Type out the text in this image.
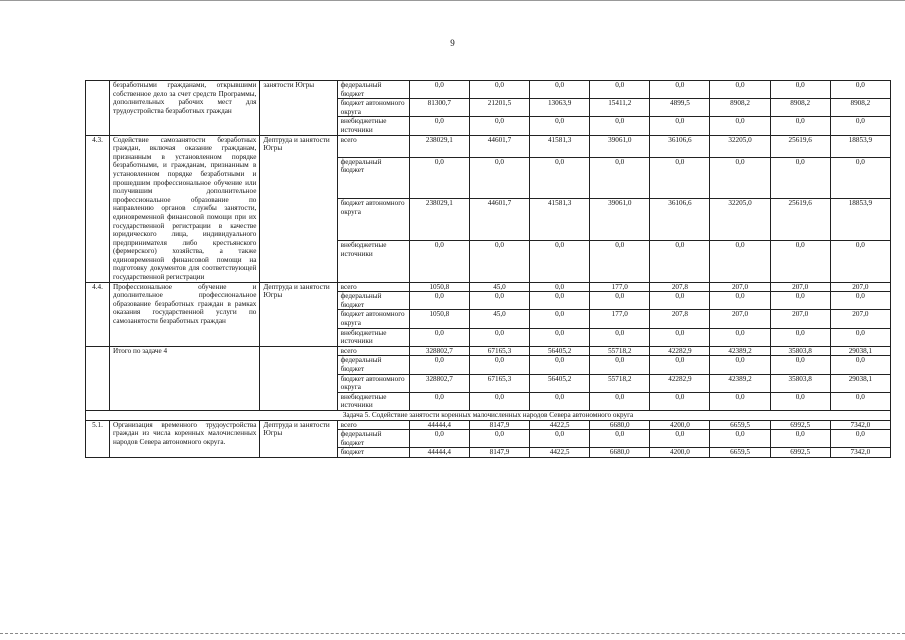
9
	безработными гражданами, открывшими собственное дело за счет средств Программы, дополнительных рабочих мест для трудоустройства безработных граждан	занятости Югры	федеральный бюджет	0,0	0,0	0,0	0,0	0,0	0,0	0,0	0,0
			бюджет автономного округа	81300,7	21201,5	13063,9	15411,2	4899,5	8908,2	8908,2	8908,2
			внебюджетные источники	0,0	0,0	0,0	0,0	0,0	0,0	0,0	0,0
4.3.	Содействие самозанятости безработных граждан, включая оказание гражданам, признанным в установленном порядке безработными, и гражданам, признанным в установленном порядке безработными и прошедшим профессиональное обучение или получившим дополнительное профессиональное образование по направлению органов службы занятости, единовременной финансовой помощи при их государственной регистрации в качестве юридического лица, индивидуального предпринимателя либо крестьянского (фермерского) хозяйства, а также единовременной финансовой помощи на подготовку документов для соответствующей государственной регистрации	Дептруда и занятости Югры	всего	238029,1	44601,7	41581,3	39061,0	36106,6	32205,0	25619,6	18853,9
			федеральный бюджет	0,0	0,0	0,0	0,0	0,0	0,0	0,0	0,0
			бюджет автономного округа	238029,1	44601,7	41581,3	39061,0	36106,6	32205,0	25619,6	18853,9
			внебюджетные источники	0,0	0,0	0,0	0,0	0,0	0,0	0,0	0,0
4.4.	Профессиональное обучение и дополнительное профессиональное образование безработных граждан в рамках оказания государственной услуги по самозанятости безработных граждан	Дептруда и занятости Югры	всего	1050,8	45,0	0,0	177,0	207,8	207,0	207,0	207,0
			федеральный бюджет	0,0	0,0	0,0	0,0	0,0	0,0	0,0	0,0
			бюджет автономного округа	1050,8	45,0	0,0	177,0	207,8	207,0	207,0	207,0
			внебюджетные источники	0,0	0,0	0,0	0,0	0,0	0,0	0,0	0,0
	Итого по задаче 4		всего	328802,7	67165,3	56405,2	55718,2	42282,9	42389,2	35803,8	29038,1
			федеральный бюджет	0,0	0,0	0,0	0,0	0,0	0,0	0,0	0,0
			бюджет автономного округа	328802,7	67165,3	56405,2	55718,2	42282,9	42389,2	35803,8	29038,1
			внебюджетные источники	0,0	0,0	0,0	0,0	0,0	0,0	0,0	0,0
Задача 5. Содействие занятости коренных малочисленных народов Севера автономного округа											
5.1.	Организация временного трудоустройства граждан из числа коренных малочисленных народов Севера автономного округа.	Дептруда и занятости Югры	всего	44444,4	8147,9	4422,5	6680,0	4200,0	6659,5	6992,5	7342,0
			федеральный бюджет	0,0	0,0	0,0	0,0	0,0	0,0	0,0	0,0
			бюджет	44444,4	8147,9	4422,5	6680,0	4200,0	6659,5	6992,5	7342,0
